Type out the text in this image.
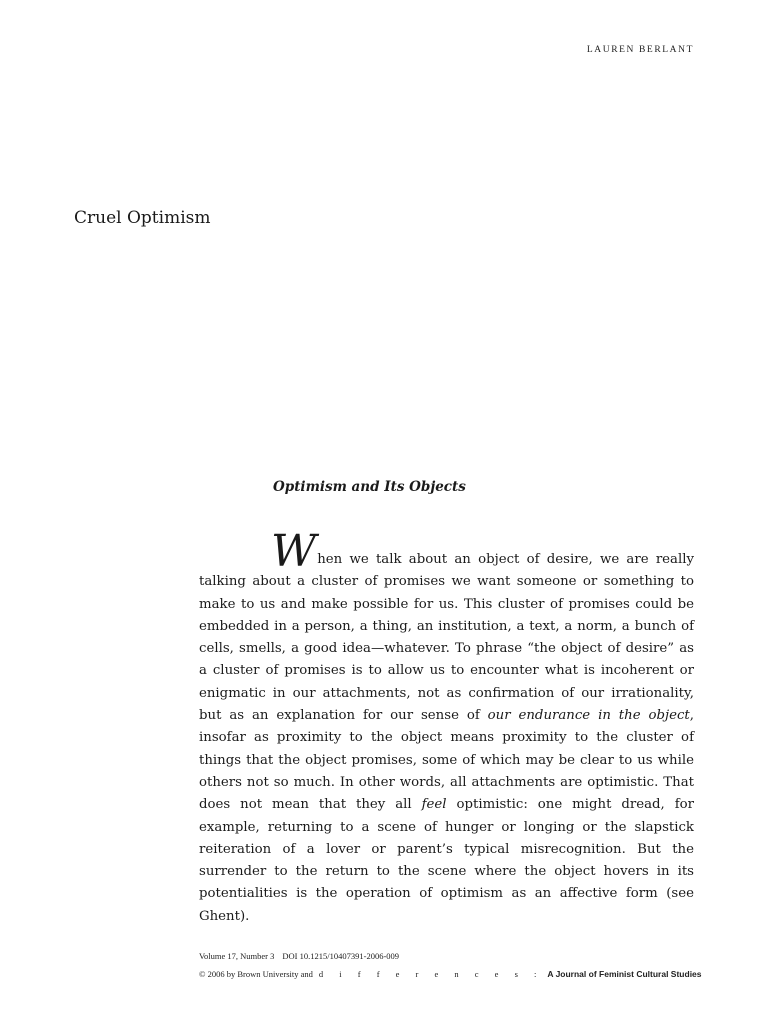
LAUREN BERLANT
Cruel Optimism
Optimism and Its Objects

When we talk about an object of desire, we are really talking about a cluster of promises we want someone or something to make to us and make possible for us. This cluster of promises could be embedded in a person, a thing, an institution, a text, a norm, a bunch of cells, smells, a good idea—whatever. To phrase “the object of desire” as a cluster of promises is to allow us to encounter what is incoherent or enigmatic in our attachments, not as confirmation of our irrationality, but as an explanation for our sense of our endurance in the object, insofar as proximity to the object means proximity to the cluster of things that the object promises, some of which may be clear to us while others not so much. In other words, all attachments are optimistic. That does not mean that they all feel optimistic: one might dread, for example, returning to a scene of hunger or longing or the slapstick reiteration of a lover or parent’s typical misrecognition. But the surrender to the return to the scene where the object hovers in its potentialities is the operation of optimism as an affective form (see Ghent).

Volume 17, Number 3 DOI 10.1215/10407391-2006-009
© 2006 by Brown University and d i f f e r e n c e s : A Journal of Feminist Cultural Studies
